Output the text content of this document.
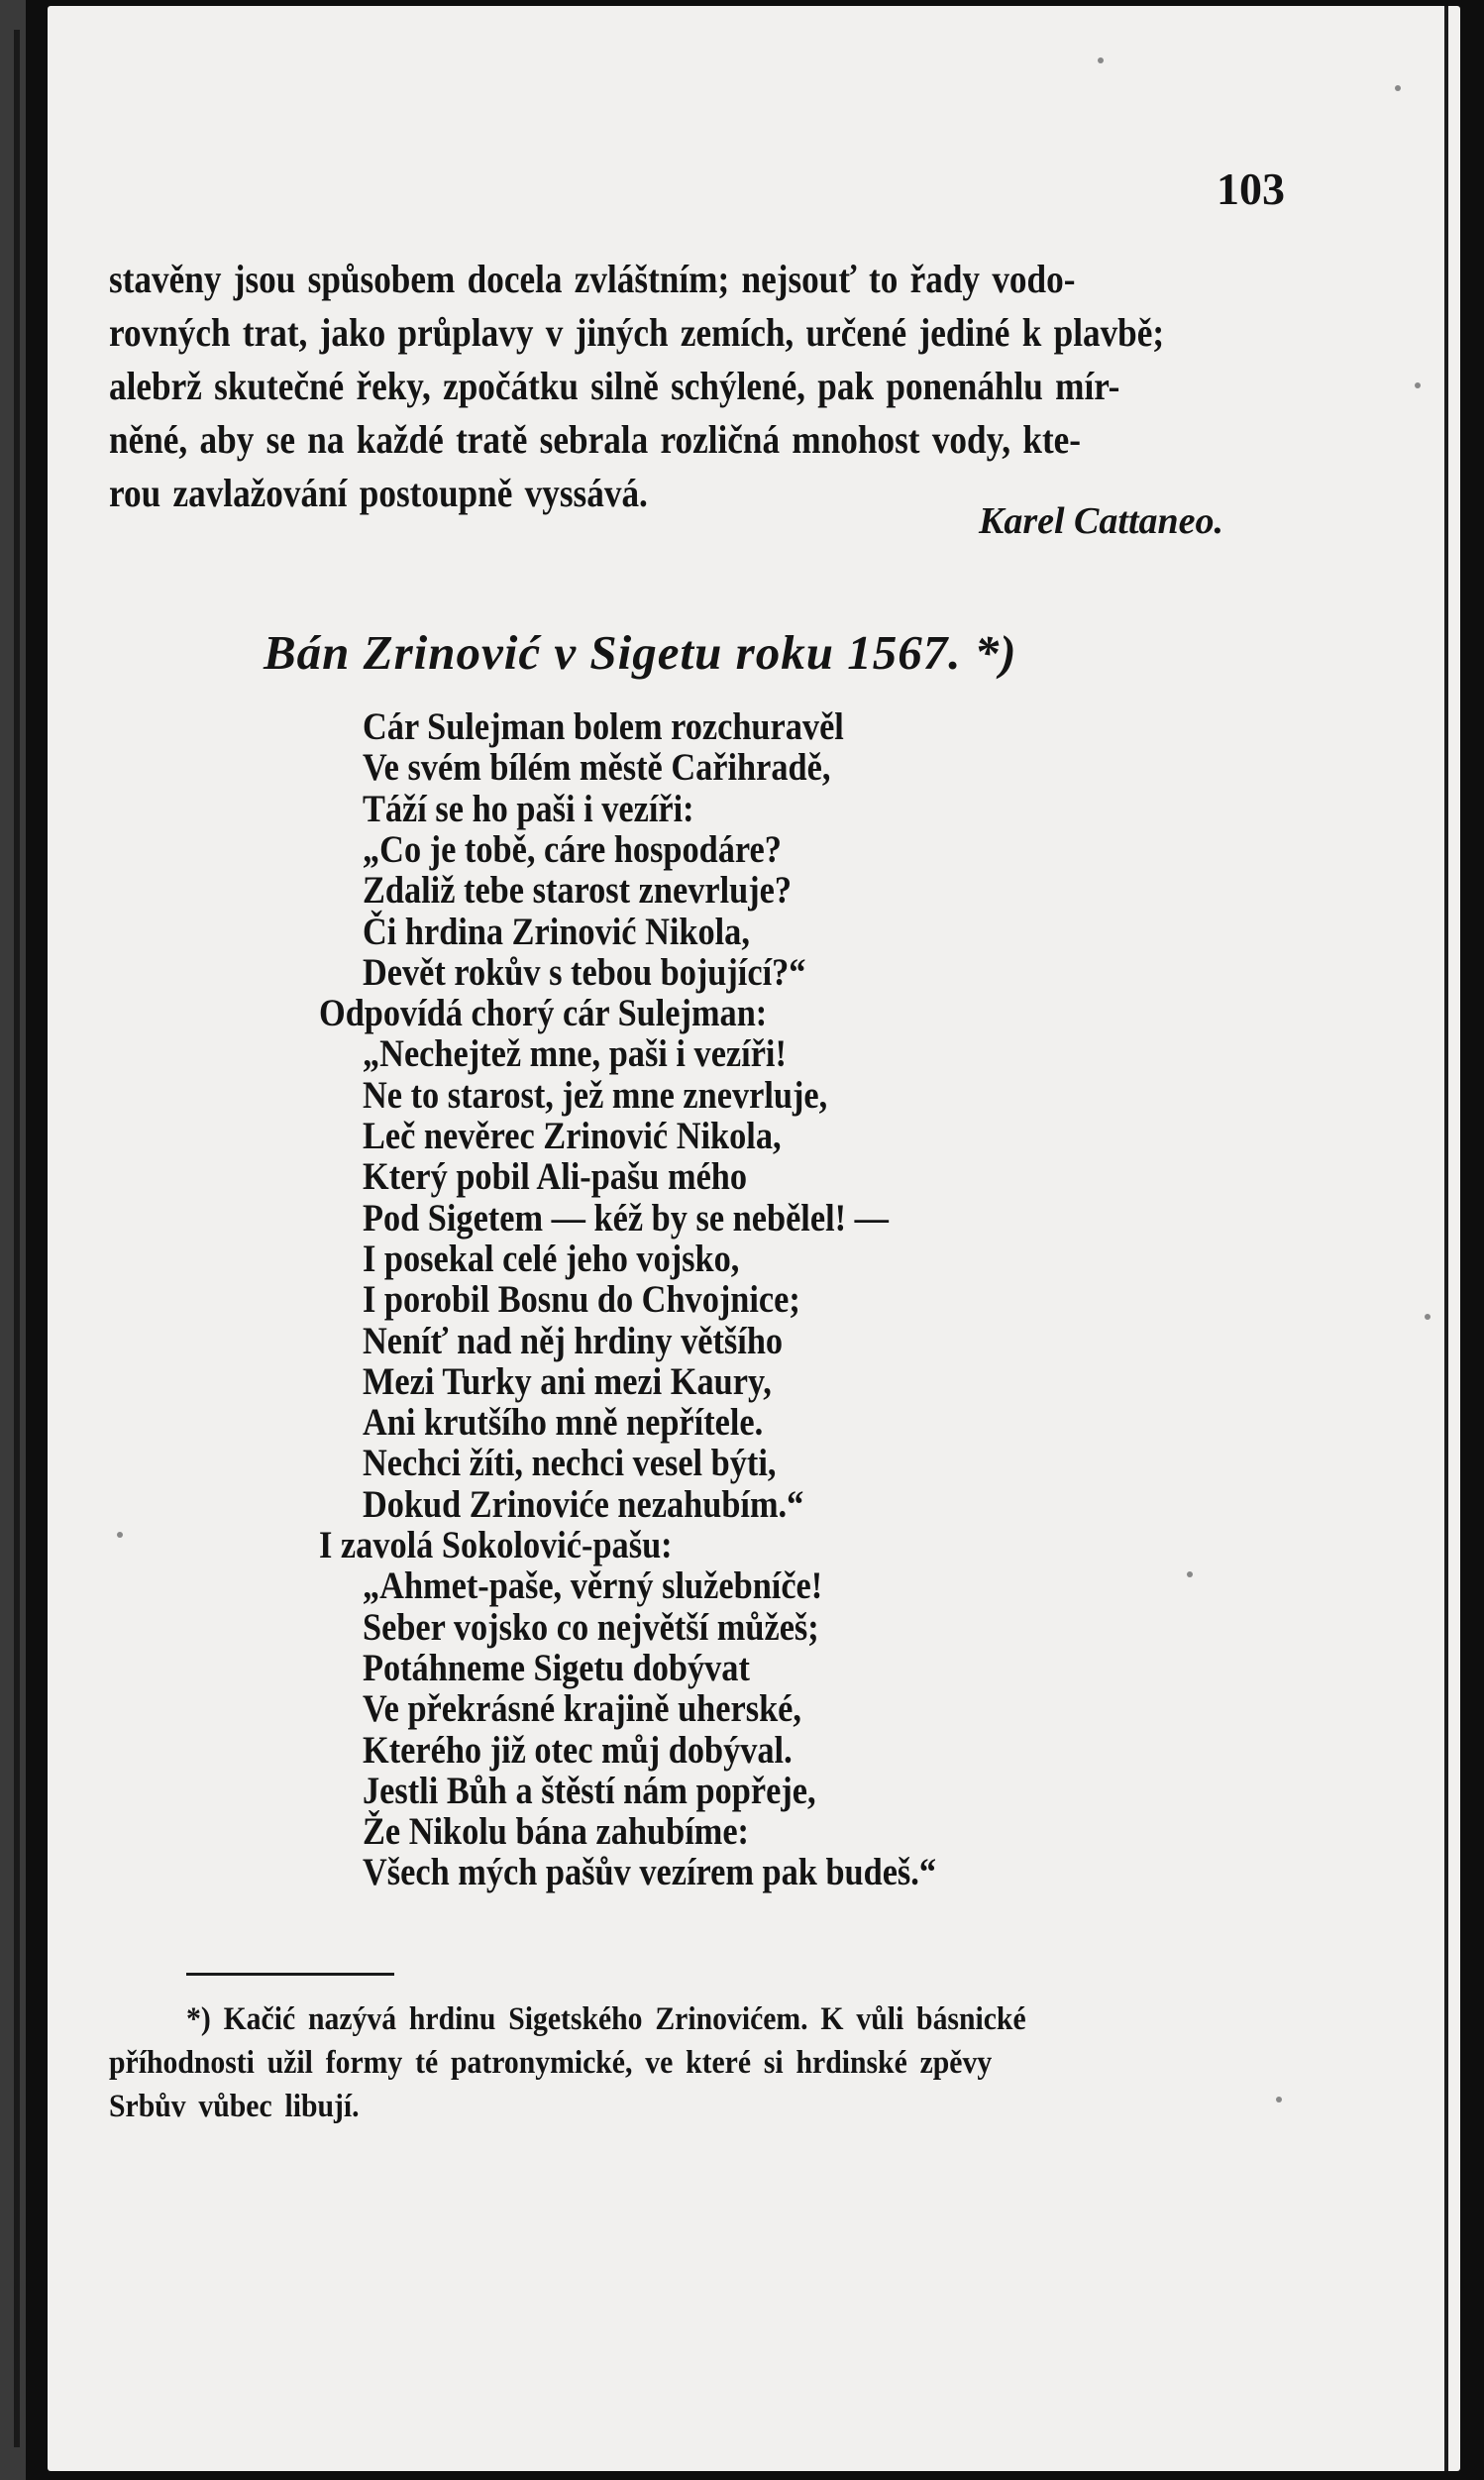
103
stavěny jsou spůsobem docela zvláštním; nejsouť to řady vodo-
rovných trat, jako průplavy v jiných zemích, určené jediné k plavbě;
alebrž skutečné řeky, zpočátku silně schýlené, pak ponenáhlu mír-
něné, aby se na každé tratě sebrala rozličná mnohost vody, kte-
rou zavlažování postoupně vyssává.
Karel Cattaneo.
Bán Zrinović v Sigetu roku 1567. *)
Cár Sulejman bolem rozchuravěl
Ve svém bílém městě Cařihradě,
Táží se ho paši i vezíři:
„Co je tobě, cáre hospodáre?
Zdaliž tebe starost znevrluje?
Či hrdina Zrinović Nikola,
Devět rokův s tebou bojující?“
Odpovídá chorý cár Sulejman:
„Nechejtež mne, paši i vezíři!
Ne to starost, jež mne znevrluje,
Leč nevěrec Zrinović Nikola,
Který pobil Ali-pašu mého
Pod Sigetem — kéž by se nebělel! —
I posekal celé jeho vojsko,
I porobil Bosnu do Chvojnice;
Neníť nad něj hrdiny většího
Mezi Turky ani mezi Kaury,
Ani krutšího mně nepřítele.
Nechci žíti, nechci vesel býti,
Dokud Zrinoviće nezahubím.“
I zavolá Sokolović-pašu:
„Ahmet-paše, věrný služebníče!
Seber vojsko co největší můžeš;
Potáhneme Sigetu dobývat
Ve překrásné krajině uherské,
Kterého již otec můj dobýval.
Jestli Bůh a štěstí nám popřeje,
Že Nikolu bána zahubíme:
Všech mých pašův vezírem pak budeš.“
*) Kačić nazývá hrdinu Sigetského Zrinovićem. K vůli básnické
příhodnosti užil formy té patronymické, ve které si hrdinské zpěvy
Srbův vůbec libují.
